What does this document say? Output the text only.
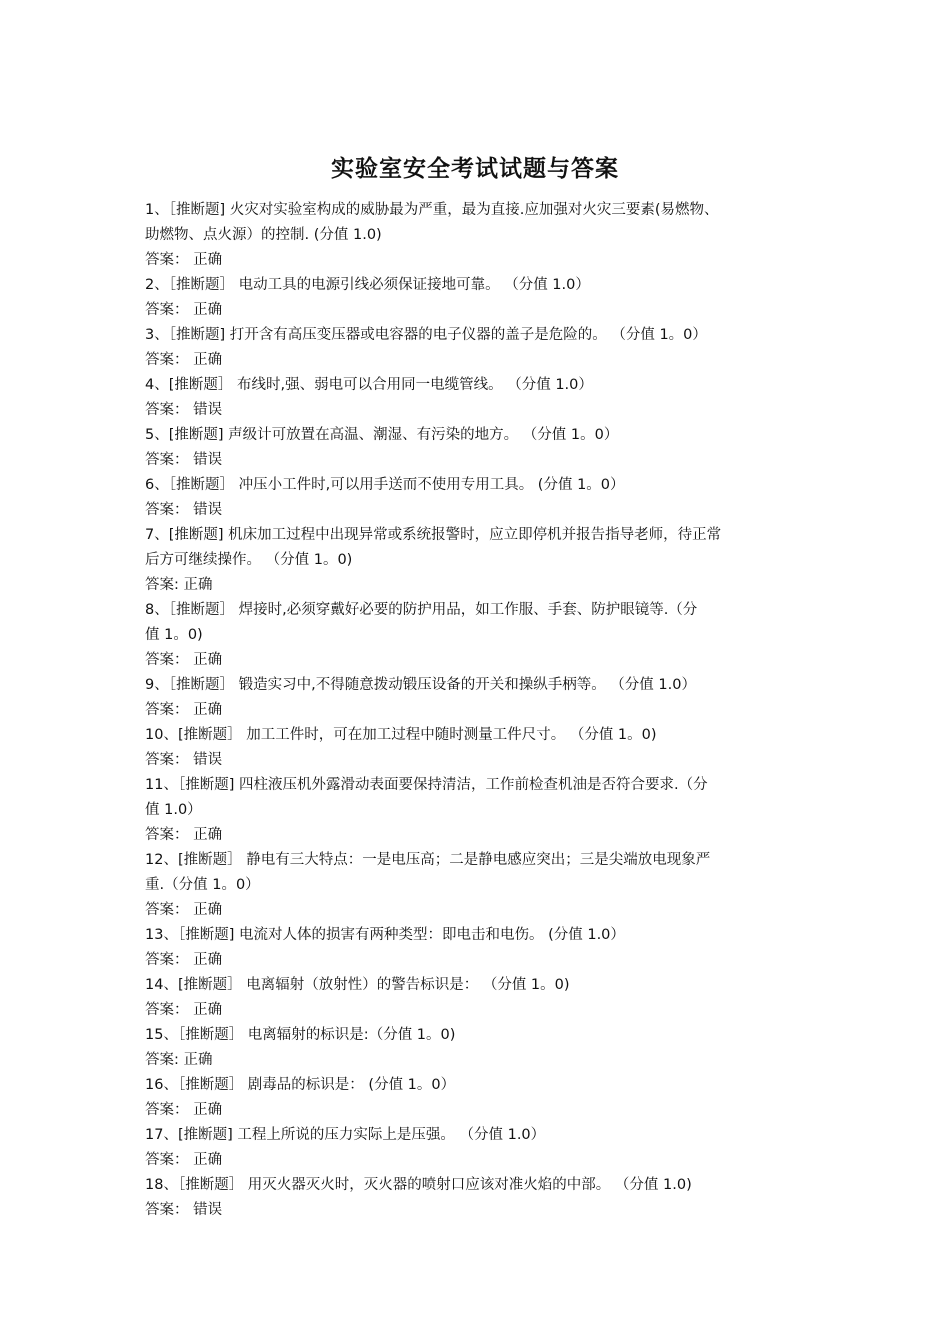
实验室安全考试试题与答案
1、［推断题] 火灾对实验室构成的威胁最为严重，最为直接.应加强对火灾三要素(易燃物、
助燃物、点火源）的控制. (分值 1.0)
答案： 正确
2、［推断题］ 电动工具的电源引线必须保证接地可靠。 （分值 1.0）
答案： 正确
3、［推断题] 打开含有高压变压器或电容器的电子仪器的盖子是危险的。 （分值 1。0）
答案： 正确
4、[推断题］ 布线时,强、弱电可以合用同一电缆管线。 （分值 1.0）
答案： 错误
5、[推断题] 声级计可放置在高温、潮湿、有污染的地方。 （分值 1。0）
答案： 错误
6、［推断题］ 冲压小工件时,可以用手送而不使用专用工具。 (分值 1。0）
答案： 错误
7、[推断题] 机床加工过程中出现异常或系统报警时，应立即停机并报告指导老师，待正常
后方可继续操作。 （分值 1。0)
答案: 正确
8、［推断题］ 焊接时,必须穿戴好必要的防护用品，如工作服、手套、防护眼镜等.（分
值 1。0)
答案： 正确
9、［推断题］ 锻造实习中,不得随意拨动锻压设备的开关和操纵手柄等。 （分值 1.0）
答案： 正确
10、[推断题］ 加工工件时，可在加工过程中随时测量工件尺寸。 （分值 1。0)
答案： 错误
11、［推断题] 四柱液压机外露滑动表面要保持清洁，工作前检查机油是否符合要求.（分
值 1.0）
答案： 正确
12、[推断题］ 静电有三大特点：一是电压高；二是静电感应突出；三是尖端放电现象严
重.（分值 1。0）
答案： 正确
13、［推断题] 电流对人体的损害有两种类型：即电击和电伤。 (分值 1.0）
答案： 正确
14、[推断题］ 电离辐射（放射性）的警告标识是： （分值 1。0)
答案： 正确
15、［推断题］ 电离辐射的标识是:（分值 1。0)
答案: 正确
16、［推断题］ 剧毒品的标识是： (分值 1。0）
答案： 正确
17、[推断题] 工程上所说的压力实际上是压强。 （分值 1.0）
答案： 正确
18、［推断题］ 用灭火器灭火时，灭火器的喷射口应该对准火焰的中部。 （分值 1.0)
答案： 错误
